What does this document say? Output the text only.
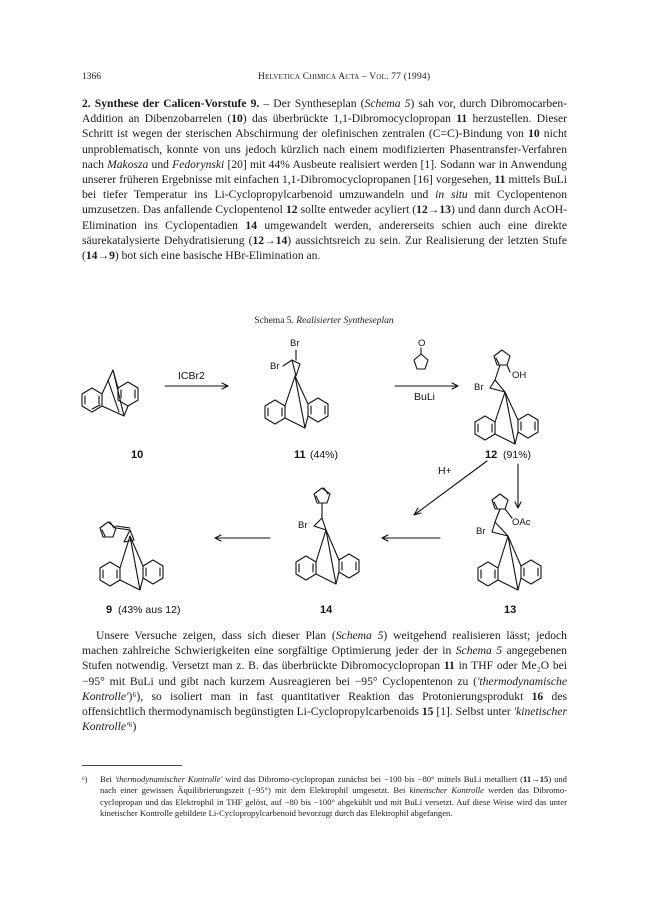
1366	Helvetica Chimica Acta – Vol. 77 (1994)
2. Synthese der Calicen-Vorstufe 9. – Der Syntheseplan (Schema 5) sah vor, durch Dibromocarben-Addition an Dibenzobarrelen (10) das überbrückte 1,1-Dibromocyclopropan 11 herzustellen. Dieser Schritt ist wegen der sterischen Abschirmung der olefinischen zentralen (C=C)-Bindung von 10 nicht unproblematisch, konnte von uns jedoch kürzlich nach einem modifizierten Phasentransfer-Verfahren nach Makosza und Fedorynski [20] mit 44% Ausbeute realisiert werden [1]. Sodann war in Anwendung unserer früheren Ergebnisse mit einfachen 1,1-Dibromocyclopropanen [16] vorgesehen, 11 mittels BuLi bei tiefer Temperatur ins Li-Cyclopropylcarbenoid umzuwandeln und in situ mit Cyclopentenon umzusetzen. Das anfallende Cyclopentenol 12 sollte entweder acyliert (12→13) und dann durch AcOH-Elimination ins Cyclopentadien 14 umgewandelt werden, andererseits schien auch eine direkte säurekatalysierte Dehydratisierung (12→14) aussichtsreich zu sein. Zur Realisierung der letzten Stufe (14→9) bot sich eine basische HBr-Elimination an.
Schema 5. Realisierter Syntheseplan
ICBr2
O
BuLi
H+
Br
Br
OH
Br
OAc
Br
Br
10	11 (44%)	12 (91%)
13
14
9 (43% aus 12)
Unsere Versuche zeigen, dass sich dieser Plan (Schema 5) weitgehend realisieren lässt; jedoch machen zahlreiche Schwierigkeiten eine sorgfältige Optimierung jeder der in Schema 5 angegebenen Stufen notwendig. Versetzt man z. B. das überbrückte Dibromocyclopropan 11 in THF oder Me₂O bei −95° mit BuLi und gibt nach kurzem Ausreagieren bei −95° Cyclopentenon zu ('thermodynamische Kontrolle')⁶), so isoliert man in fast quantitativer Reaktion das Protonierungsprodukt 16 des offensichtlich thermodynamisch begünstigten Li-Cyclopropylcarbenoids 15 [1]. Selbst unter 'kinetischer Kontrolle'⁶)
⁶)	Bei 'thermodynamischer Kontrolle' wird das Dibromo-cyclopropan zunächst bei −100 bis −80° mittels BuLi metalliert (11→15) und nach einer gewissen Äquilibrierungszeit (−95°) mit dem Elektrophil umgesetzt. Bei kinetischer Kontrolle werden das Dibromo-cyclopropan und das Elektrophil in THF gelöst, auf −80 bis −100° abgekühlt und mit BuLi versetzt. Auf diese Weise wird das unter kinetischer Kontrolle gebildete Li-Cyclopropylcarbenoid bevorzugt durch das Elektrophil abgefangen.
